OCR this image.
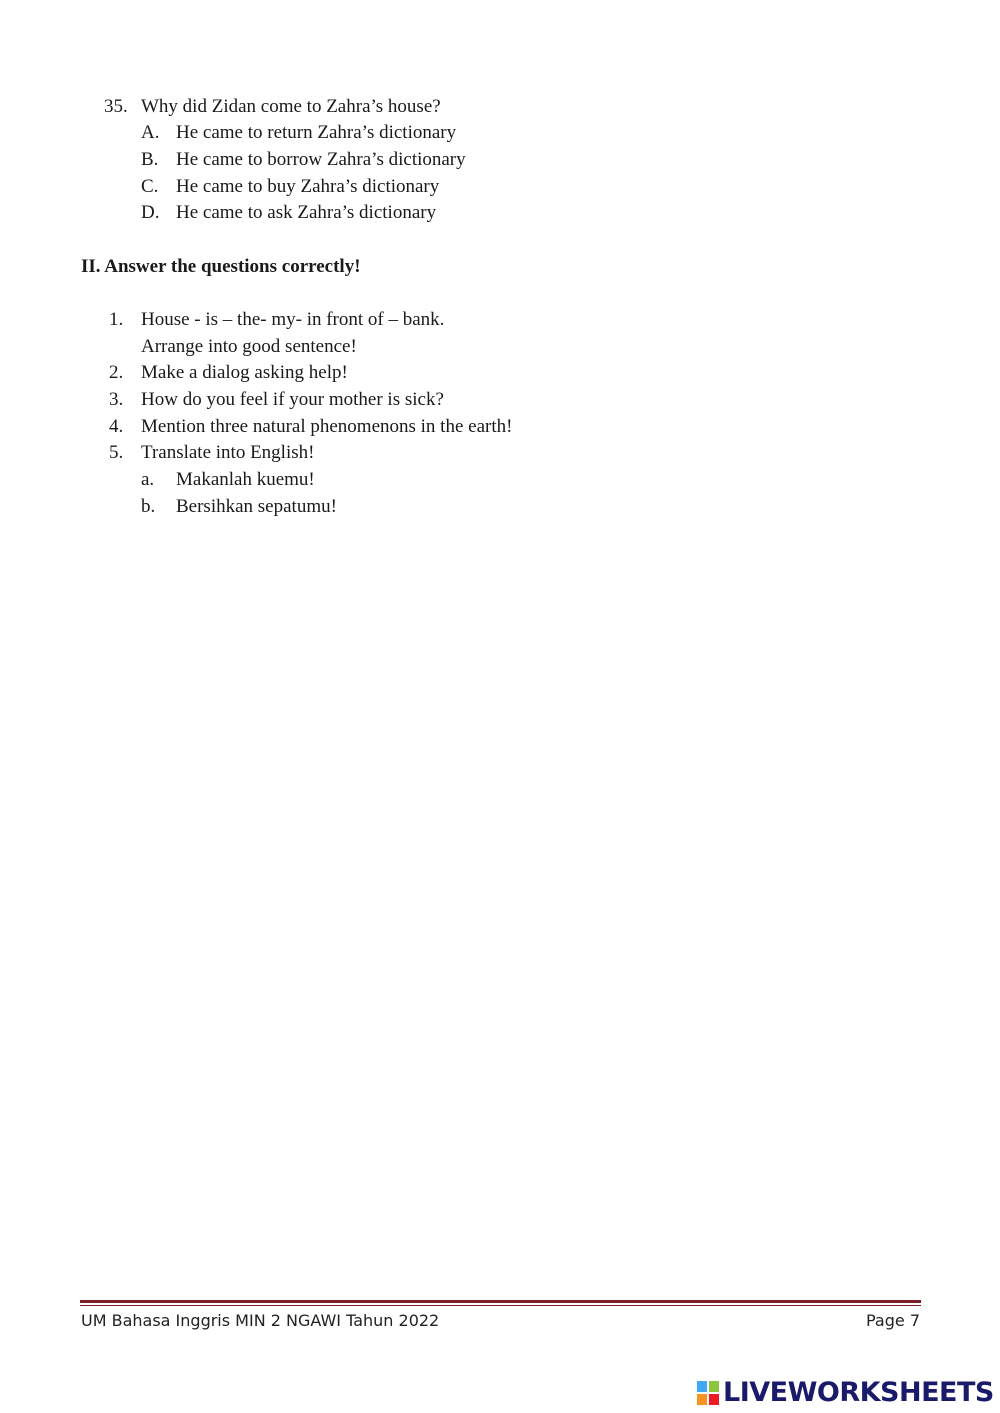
35. Why did Zidan come to Zahra’s house?
A. He came to return Zahra’s dictionary
B. He came to borrow Zahra’s dictionary
C. He came to buy Zahra’s dictionary
D. He came to ask Zahra’s dictionary
II. Answer the questions correctly!
1. House - is – the- my- in front of – bank.
Arrange into good sentence!
2. Make a dialog asking help!
3. How do you feel if your mother is sick?
4. Mention three natural phenomenons in the earth!
5. Translate into English!
a. Makanlah kuemu!
b. Bersihkan sepatumu!
UM Bahasa Inggris MIN 2 NGAWI Tahun 2022	Page 7
LIVEWORKSHEETS
